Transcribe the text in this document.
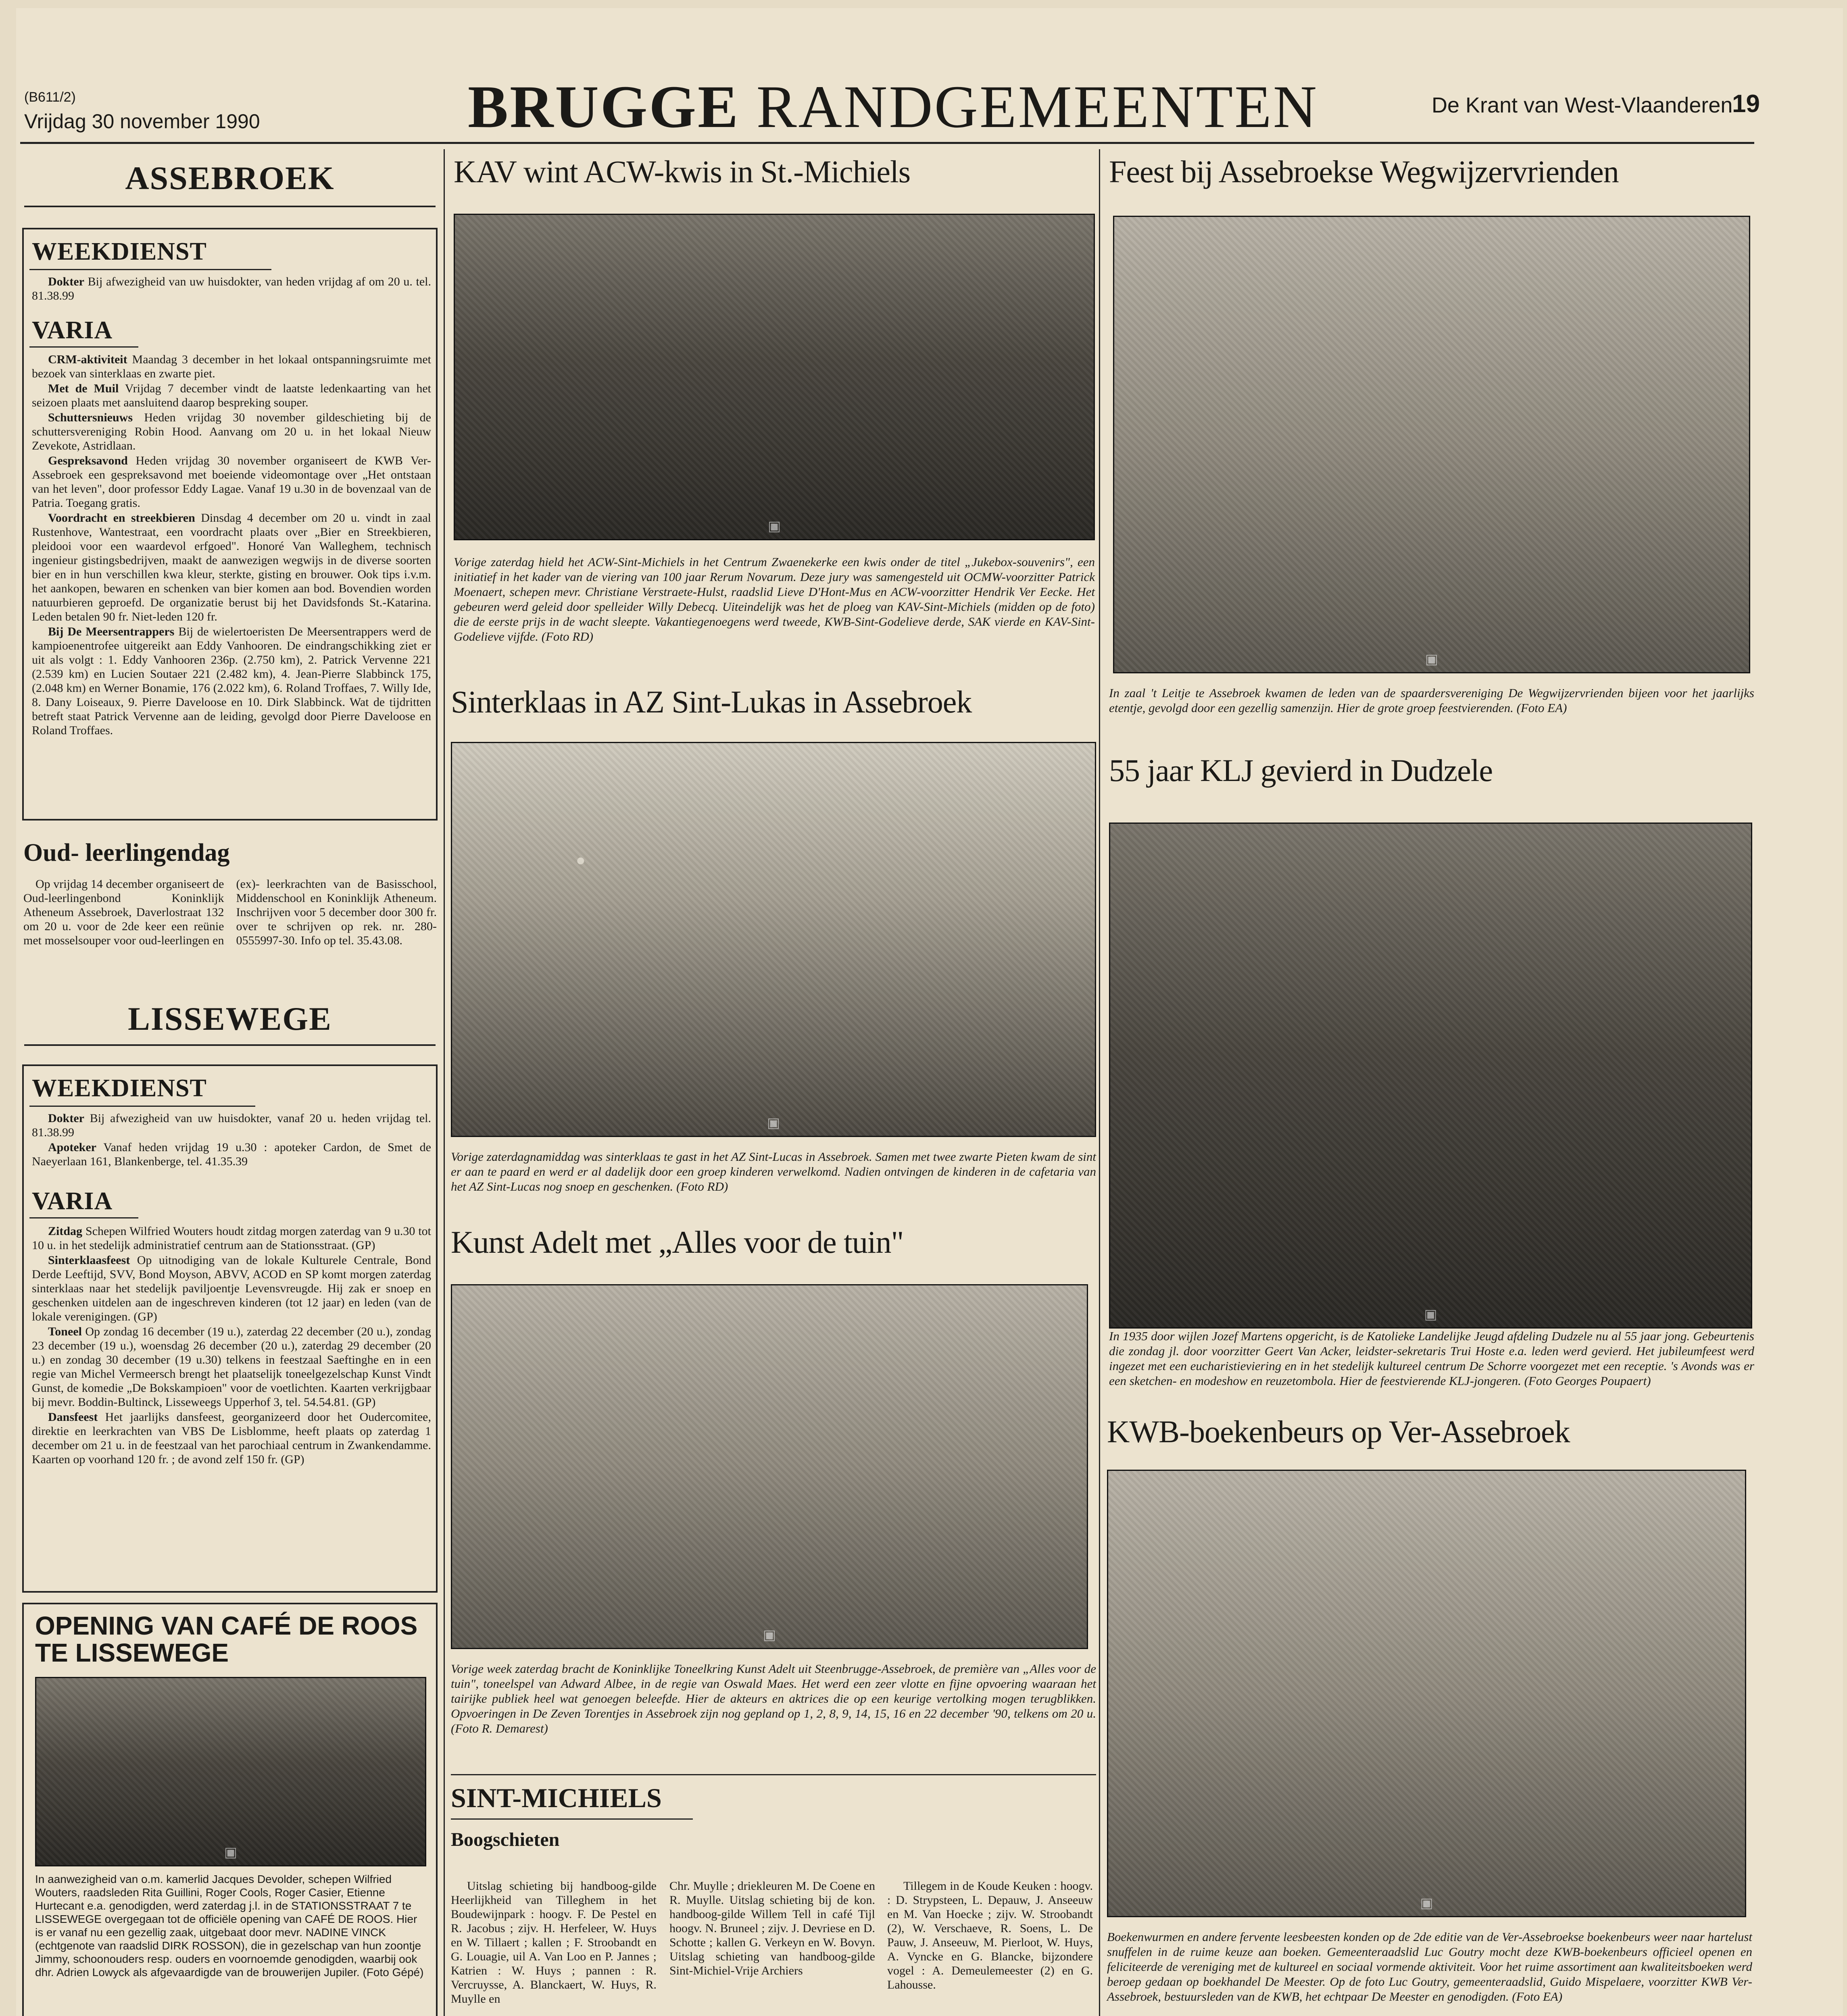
(B611/2)
Vrijdag 30 november 1990	BRUGGE RANDGEMEENTEN	De Krant van West-Vlaanderen
19
ASSEBROEK
WEEKDIENST

Dokter Bij afwezigheid van uw huisdokter, van heden vrijdag af om 20 u. tel. 81.38.99

VARIA

CRM-aktiviteit Maandag 3 december in het lokaal ontspanningsruimte met bezoek van sinterklaas en zwarte piet.

Met de Muil Vrijdag 7 december vindt de laatste ledenkaarting van het seizoen plaats met aansluitend daarop bespreking souper.

Schuttersnieuws Heden vrijdag 30 november gildeschieting bij de schuttersvereniging Robin Hood. Aanvang om 20 u. in het lokaal Nieuw Zevekote, Astridlaan.

Gespreksavond Heden vrijdag 30 november organiseert de KWB Ver-Assebroek een gespreksavond met boeiende videomontage over „Het ontstaan van het leven", door professor Eddy Lagae. Vanaf 19 u.30 in de bovenzaal van de Patria. Toegang gratis.

Voordracht en streekbieren Dinsdag 4 december om 20 u. vindt in zaal Rustenhove, Wantestraat, een voordracht plaats over „Bier en Streekbieren, pleidooi voor een waardevol erfgoed". Honoré Van Walleghem, technisch ingenieur gistingsbedrijven, maakt de aanwezigen wegwijs in de diverse soorten bier en in hun verschillen kwa kleur, sterkte, gisting en brouwer. Ook tips i.v.m. het aankopen, bewaren en schenken van bier komen aan bod. Bovendien worden natuurbieren geproefd. De organizatie berust bij het Davidsfonds St.-Katarina. Leden betalen 90 fr. Niet-leden 120 fr.

Bij De Meersentrappers Bij de wielertoeristen De Meersentrappers werd de kampioenentrofee uitgereikt aan Eddy Vanhooren. De eindrangschikking ziet er uit als volgt : 1. Eddy Vanhooren 236p. (2.750 km), 2. Patrick Vervenne 221 (2.539 km) en Lucien Soutaer 221 (2.482 km), 4. Jean-Pierre Slabbinck 175, (2.048 km) en Werner Bonamie, 176 (2.022 km), 6. Roland Troffaes, 7. Willy Ide, 8. Dany Loiseaux, 9. Pierre Daveloose en 10. Dirk Slabbinck. Wat de tijdritten betreft staat Patrick Vervenne aan de leiding, gevolgd door Pierre Daveloose en Roland Troffaes.

Oud- leerlingendag

Op vrijdag 14 december organiseert de Oud-leerlingenbond Koninklijk Atheneum Assebroek, Daverlostraat 132 om 20 u. voor de 2de keer een reünie met mosselsouper voor oud-leerlingen en (ex)- leerkrachten van de Basisschool, Middenschool en Koninklijk Atheneum. Inschrijven voor 5 december door 300 fr. over te schrijven op rek. nr. 280-0555997-30. Info op tel. 35.43.08.

LISSEWEGE
WEEKDIENST

Dokter Bij afwezigheid van uw huisdokter, vanaf 20 u. heden vrijdag tel. 81.38.99

Apoteker Vanaf heden vrijdag 19 u.30 : apoteker Cardon, de Smet de Naeyerlaan 161, Blankenberge, tel. 41.35.39

VARIA

Zitdag Schepen Wilfried Wouters houdt zitdag morgen zaterdag van 9 u.30 tot 10 u. in het stedelijk administratief centrum aan de Stationsstraat. (GP)

Sinterklaasfeest Op uitnodiging van de lokale Kulturele Centrale, Bond Derde Leeftijd, SVV, Bond Moyson, ABVV, ACOD en SP komt morgen zaterdag sinterklaas naar het stedelijk paviljoentje Levensvreugde. Hij zak er snoep en geschenken uitdelen aan de ingeschreven kinderen (tot 12 jaar) en leden (van de lokale verenigingen. (GP)

Toneel Op zondag 16 december (19 u.), zaterdag 22 december (20 u.), zondag 23 december (19 u.), woensdag 26 december (20 u.), zaterdag 29 december (20 u.) en zondag 30 december (19 u.30) telkens in feestzaal Saeftinghe en in een regie van Michel Vermeersch brengt het plaatselijk toneelgezelschap Kunst Vindt Gunst, de komedie „De Bokskampioen" voor de voetlichten. Kaarten verkrijgbaar bij mevr. Boddin-Bultinck, Lisseweegs Upperhof 3, tel. 54.54.81. (GP)

Dansfeest Het jaarlijks dansfeest, georganizeerd door het Oudercomitee, direktie en leerkrachten van VBS De Lisblomme, heeft plaats op zaterdag 1 december om 21 u. in de feestzaal van het parochiaal centrum in Zwankendamme. Kaarten op voorhand 120 fr. ; de avond zelf 150 fr. (GP)

OPENING VAN CAFÉ DE ROOS TE LISSEWEGE
▣
In aanwezigheid van o.m. kamerlid Jacques Devolder, schepen Wilfried Wouters, raadsleden Rita Guillini, Roger Cools, Roger Casier, Etienne Hurtecant e.a. genodigden, werd zaterdag j.l. in de STATIONSSTRAAT 7 te LISSEWEGE overgegaan tot de officiële opening van CAFÉ DE ROOS. Hier is er vanaf nu een gezellig zaak, uitgebaat door mevr. NADINE VINCK (echtgenote van raadslid DIRK ROSSON), die in gezelschap van hun zoontje Jimmy, schoonouders resp. ouders en voornoemde genodigden, waarbij ook dhr. Adrien Lowyck als afgevaardigde van de brouwerijen Jupiler. (Foto Gépé)
KAV wint ACW-kwis in St.-Michiels
▣
Vorige zaterdag hield het ACW-Sint-Michiels in het Centrum Zwaenekerke een kwis onder de titel „Jukebox-souvenirs", een initiatief in het kader van de viering van 100 jaar Rerum Novarum. Deze jury was samengesteld uit OCMW-voorzitter Patrick Moenaert, schepen mevr. Christiane Verstraete-Hulst, raadslid Lieve D'Hont-Mus en ACW-voorzitter Hendrik Ver Eecke. Het gebeuren werd geleid door spelleider Willy Debecq. Uiteindelijk was het de ploeg van KAV-Sint-Michiels (midden op de foto) die de eerste prijs in de wacht sleepte. Vakantiegenoegens werd tweede, KWB-Sint-Godelieve derde, SAK vierde en KAV-Sint-Godelieve vijfde. (Foto RD)
Sinterklaas in AZ Sint-Lukas in Assebroek
▣
Vorige zaterdagnamiddag was sinterklaas te gast in het AZ Sint-Lucas in Assebroek. Samen met twee zwarte Pieten kwam de sint er aan te paard en werd er al dadelijk door een groep kinderen verwelkomd. Nadien ontvingen de kinderen in de cafetaria van het AZ Sint-Lucas nog snoep en geschenken. (Foto RD)
Kunst Adelt met „Alles voor de tuin"
▣
Vorige week zaterdag bracht de Koninklijke Toneelkring Kunst Adelt uit Steenbrugge-Assebroek, de première van „Alles voor de tuin", toneelspel van Adward Albee, in de regie van Oswald Maes. Het werd een zeer vlotte en fijne opvoering waaraan het tairijke publiek heel wat genoegen beleefde. Hier de akteurs en aktrices die op een keurige vertolking mogen terugblikken. Opvoeringen in De Zeven Torentjes in Assebroek zijn nog gepland op 1, 2, 8, 9, 14, 15, 16 en 22 december '90, telkens om 20 u. (Foto R. Demarest)
SINT-MICHIELS
Boogschieten

Uitslag schieting bij handboog-gilde Heerlijkheid van Tilleghem in het Boudewijnpark : hoogv. F. De Pestel en R. Jacobus ; zijv. H. Herfeleer, W. Huys en W. Tillaert ; kallen ; F. Stroobandt en G. Louagie, uil A. Van Loo en P. Jannes ; Katrien : W. Huys ; pannen : R. Vercruysse, A. Blanckaert, W. Huys, R. Muylle en

Chr. Muylle ; driekleuren M. De Coene en R. Muylle. Uitslag schieting bij de kon. handboog-gilde Willem Tell in café Tijl hoogv. N. Bruneel ; zijv. J. Devriese en D. Schotte ; kallen G. Verkeyn en W. Bovyn. Uitslag schieting van handboog-gilde Sint-Michiel-Vrije Archiers

Tillegem in de Koude Keuken : hoogv. : D. Strypsteen, L. Depauw, J. Anseeuw en M. Van Hoecke ; zijv. W. Stroobandt (2), W. Verschaeve, R. Soens, L. De Pauw, J. Anseeuw, M. Pierloot, W. Huys, A. Vyncke en G. Blancke, bijzondere vogel : A. Demeulemeester (2) en G. Lahousse.

Feest bij Assebroekse Wegwijzervrienden
▣
In zaal 't Leitje te Assebroek kwamen de leden van de spaardersvereniging De Wegwijzervrienden bijeen voor het jaarlijks etentje, gevolgd door een gezellig samenzijn. Hier de grote groep feestvierenden. (Foto EA)
55 jaar KLJ gevierd in Dudzele
▣
In 1935 door wijlen Jozef Martens opgericht, is de Katolieke Landelijke Jeugd afdeling Dudzele nu al 55 jaar jong. Gebeurtenis die zondag jl. door voorzitter Geert Van Acker, leidster-sekretaris Trui Hoste e.a. leden werd gevierd. Het jubileumfeest werd ingezet met een eucharistieviering en in het stedelijk kultureel centrum De Schorre voorgezet met een receptie. 's Avonds was er een sketchen- en modeshow en reuzetombola. Hier de feestvierende KLJ-jongeren. (Foto Georges Poupaert)
KWB-boekenbeurs op Ver-Assebroek
▣
Boekenwurmen en andere fervente leesbeesten konden op de 2de editie van de Ver-Assebroekse boekenbeurs weer naar hartelust snuffelen in de ruime keuze aan boeken. Gemeenteraadslid Luc Goutry mocht deze KWB-boekenbeurs officieel openen en feliciteerde de vereniging met de kultureel en sociaal vormende aktiviteit. Voor het ruime assortiment aan kwaliteitsboeken werd beroep gedaan op boekhandel De Meester. Op de foto Luc Goutry, gemeenteraadslid, Guido Mispelaere, voorzitter KWB Ver-Assebroek, bestuursleden van de KWB, het echtpaar De Meester en genodigden. (Foto EA)
